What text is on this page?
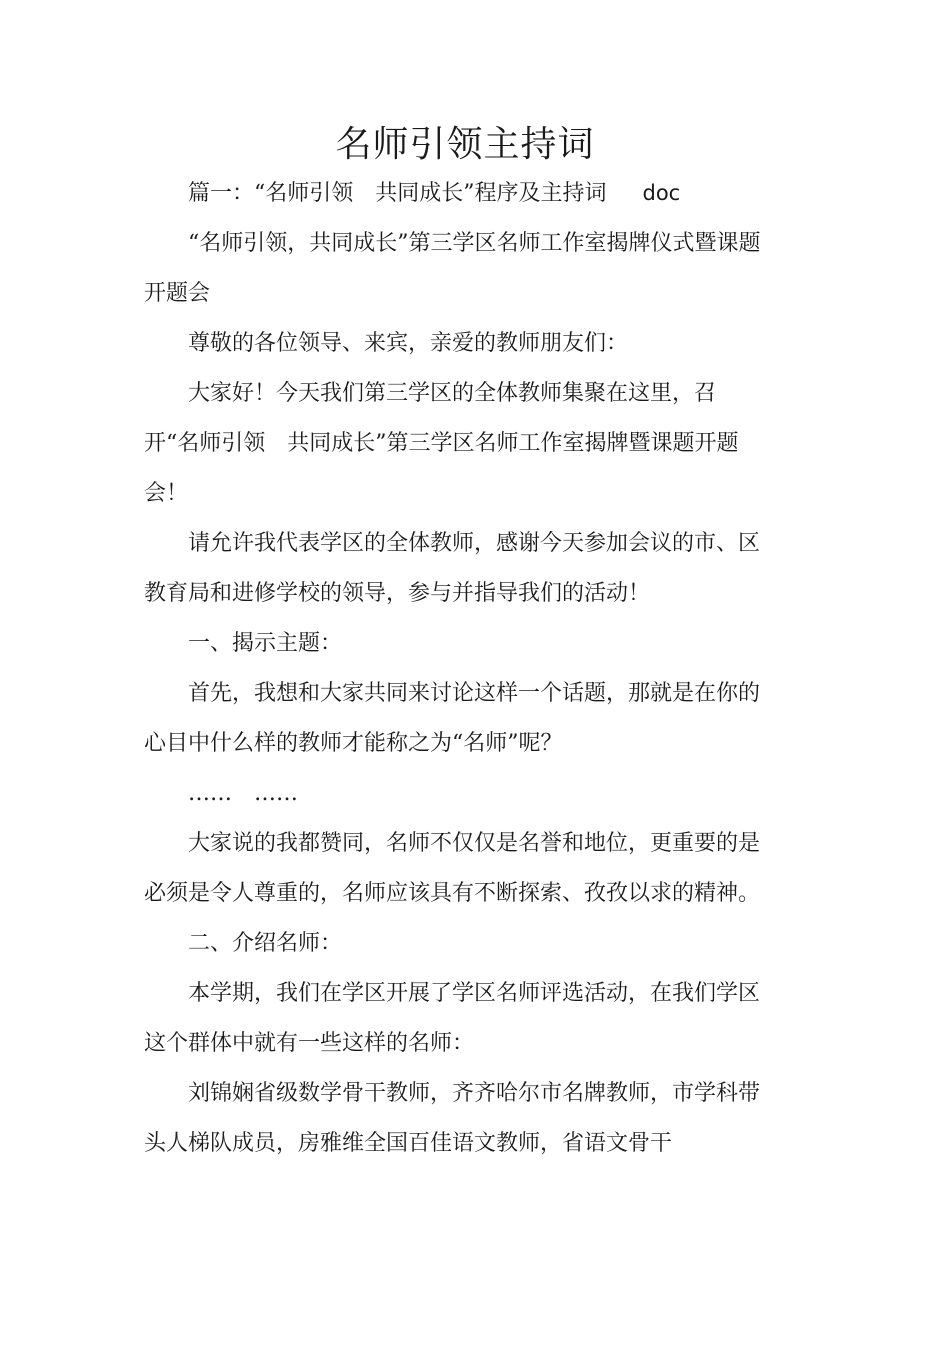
名师引领主持词

篇一：“名师引领　共同成长”程序及主持词 doc

“名师引领，共同成长”第三学区名师工作室揭牌仪式暨课题开题会

尊敬的各位领导、来宾，亲爱的教师朋友们：

大家好！今天我们第三学区的全体教师集聚在这里，召开“名师引领　共同成长”第三学区名师工作室揭牌暨课题开题会！

请允许我代表学区的全体教师，感谢今天参加会议的市、区教育局和进修学校的领导，参与并指导我们的活动！

一、揭示主题：

首先，我想和大家共同来讨论这样一个话题，那就是在你的心目中什么样的教师才能称之为“名师”呢？

……　……

大家说的我都赞同，名师不仅仅是名誉和地位，更重要的是必须是令人尊重的，名师应该具有不断探索、孜孜以求的精神。

二、介绍名师：

本学期，我们在学区开展了学区名师评选活动，在我们学区这个群体中就有一些这样的名师：

刘锦娴省级数学骨干教师，齐齐哈尔市名牌教师，市学科带头人梯队成员，房雅维全国百佳语文教师，省语文骨干
